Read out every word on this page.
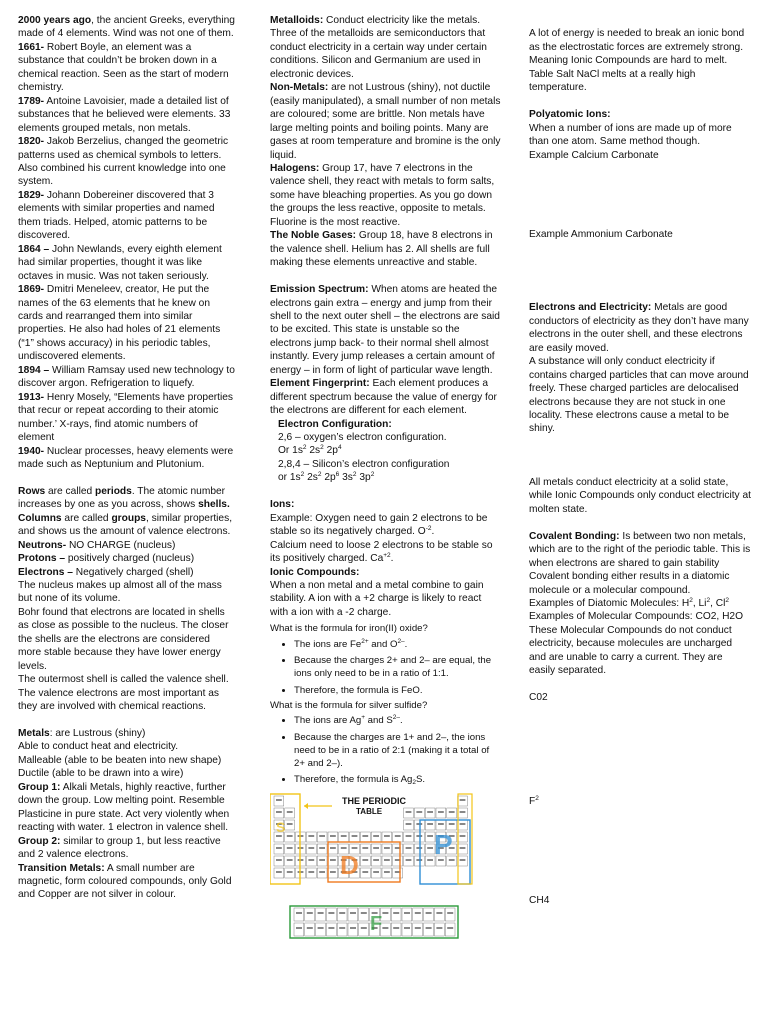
2000 years ago, the ancient Greeks, everything made of 4 elements. Wind was not one of them.

1661- Robert Boyle, an element was a substance that couldn’t be broken down in a chemical reaction. Seen as the start of modern chemistry.

1789- Antoine Lavoisier, made a detailed list of substances that he believed were elements. 33 elements grouped metals, non metals.

1820- Jakob Berzelius, changed the geometric patterns used as chemical symbols to letters. Also combined his current knowledge into one system.

1829- Johann Dobereiner discovered that 3 elements with similar properties and named them triads. Helped, atomic patterns to be discovered.

1864 – John Newlands, every eighth element had similar properties, thought it was like octaves in music. Was not taken seriously.

1869- Dmitri Meneleev, creator, He put the names of the 63 elements that he knew on cards and rearranged them into similar properties. He also had holes of 21 elements (“1” shows accuracy) in his periodic tables, undiscovered elements.

1894 – William Ramsay used new technology to discover argon. Refrigeration to liquefy.

1913- Henry Mosely, “Elements have properties that recur or repeat according to their atomic number.’ X-rays, find atomic numbers of element

1940- Nuclear processes, heavy elements were made such as Neptunium and Plutonium.

Rows are called periods. The atomic number increases by one as you across, shows shells.

Columns are called groups, similar properties, and shows us the amount of valence electrons.

Neutrons- NO CHARGE (nucleus)

Protons – positively charged (nucleus)

Electrons – Negatively charged (shell)

The nucleus makes up almost all of the mass but none of its volume.

Bohr found that electrons are located in shells as close as possible to the nucleus. The closer the shells are the electrons are considered more stable because they have lower energy levels.

The outermost shell is called the valence shell. The valence electrons are most important as they are involved with chemical reactions.

Metals: are Lustrous (shiny)

Able to conduct heat and electricity.

Malleable (able to be beaten into new shape)

Ductile (able to be drawn into a wire)

Group 1: Alkali Metals, highly reactive, further down the group. Low melting point. Resemble Plasticine in pure state. Act very violently when reacting with water. 1 electron in valence shell.

Group 2: similar to group 1, but less reactive and 2 valence electrons.

Transition Metals: A small number are magnetic, form coloured compounds, only Gold and Copper are not silver in colour.

Metalloids: Conduct electricity like the metals. Three of the metalloids are semiconductors that conduct electricity in a certain way under certain conditions. Silicon and Germanium are used in electronic devices.

Non-Metals: are not Lustrous (shiny), not ductile (easily manipulated), a small number of non metals are coloured; some are brittle. Non metals have large melting points and boiling points. Many are gases at room temperature and bromine is the only liquid.

Halogens: Group 17, have 7 electrons in the valence shell, they react with metals to form salts, some have bleaching properties. As you go down the groups the less reactive, opposite to metals. Fluorine is the most reactive.

The Noble Gases: Group 18, have 8 electrons in the valence shell. Helium has 2. All shells are full making these elements unreactive and stable.

Emission Spectrum: When atoms are heated the electrons gain extra – energy and jump from their shell to the next outer shell – the electrons are said to be excited. This state is unstable so the electrons jump back- to their normal shell almost instantly. Every jump releases a certain amount of energy – in form of light of particular wave length.

Element Fingerprint: Each element produces a different spectrum because the value of energy for the electrons are different for each element.

Electron Configuration:

2,6 – oxygen’s electron configuration.

Or $1s^2$ $2s^2$ $2p^4$

2,8,4 – Silicon’s electron configuration

or $1s^2$ $2s^2$ $2p^6$ $3s^2$ $3p^2$

Ions:

Example: Oxygen need to gain 2 electrons to be stable so its negatively charged. $O^{-2}$.

Calcium need to loose 2 electrons to be stable so its positively charged. $Ca^{+2}$.

Ionic Compounds:

When a non metal and a metal combine to gain stability. A ion with a +2 charge is likely to react with a ion with a -2 charge.

What is the formula for iron(II) oxide?

• The ions are $Fe^{2+}$ and $O^{2-}$.
• Because the charges 2+ and 2– are equal, the ions only need to be in a ratio of 1:1.
• Therefore, the formula is FeO.

What is the formula for silver sulfide?

• The ions are Ag+ and $S^{2-}$.
• Because the charges are 1+ and 2–, the ions need to be in a ratio of 2:1 (making it a total of 2+ and 2–).
• Therefore, the formula is $Ag_2S$.
THE PERIODIC
TABLE
D
P
S
F

A lot of energy is needed to break an ionic bond as the electrostatic forces are extremely strong. Meaning Ionic Compounds are hard to melt. Table Salt NaCl melts at a really high temperature.

Polyatomic Ions:

When a number of ions are made up of more than one atom. Same method though.

Example Calcium Carbonate

Example Ammonium Carbonate

Electrons and Electricity: Metals are good conductors of electricity as they don’t have many electrons in the outer shell, and these electrons are easily moved.

A substance will only conduct electricity if contains charged particles that can move around freely. These charged particles are delocalised electrons because they are not stuck in one locality. These electrons cause a metal to be shiny.

All metals conduct electricity at a solid state, while Ionic Compounds only conduct electricity at molten state.

Covalent Bonding: Is between two non metals, which are to the right of the periodic table. This is when electrons are shared to gain stability

Covalent bonding either results in a diatomic molecule or a molecular compound.

Examples of Diatomic Molecules: $H^2$, Li$^2$, Cl$^2$

Examples of Molecular Compounds: CO2, H2O

These Molecular Compounds do not conduct electricity, because molecules are uncharged and are unable to carry a current. They are easily separated.

C02

$F^2$

CH4
